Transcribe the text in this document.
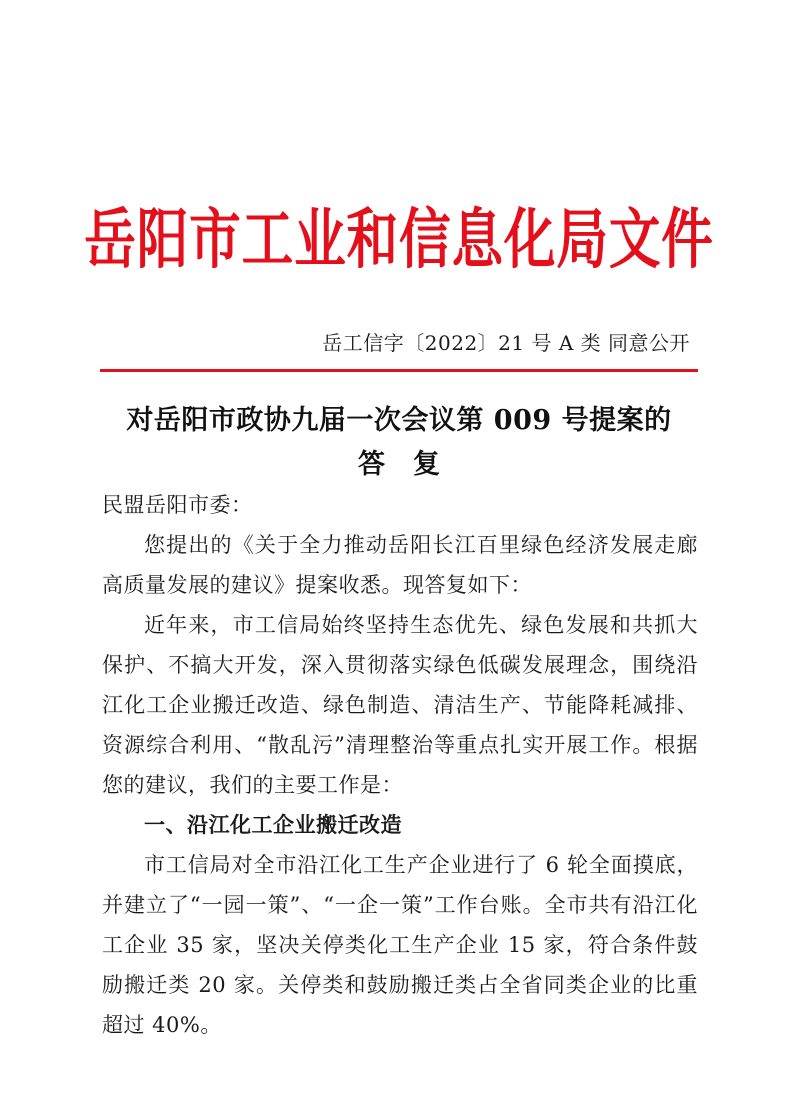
岳阳市工业和信息化局文件
岳工信字〔2022〕21 号 A 类 同意公开
对岳阳市政协九届一次会议第 009 号提案的
答复

民盟岳阳市委：

您提出的《关于全力推动岳阳长江百里绿色经济发展走廊高质量发展的建议》提案收悉。现答复如下：

近年来，市工信局始终坚持生态优先、绿色发展和共抓大保护、不搞大开发，深入贯彻落实绿色低碳发展理念，围绕沿江化工企业搬迁改造、绿色制造、清洁生产、节能降耗减排、资源综合利用、“散乱污”清理整治等重点扎实开展工作。根据您的建议，我们的主要工作是：

一、沿江化工企业搬迁改造

市工信局对全市沿江化工生产企业进行了 6 轮全面摸底，并建立了“一园一策”、“一企一策”工作台账。全市共有沿江化工企业 35 家，坚决关停类化工生产企业 15 家，符合条件鼓励搬迁类 20 家。关停类和鼓励搬迁类占全省同类企业的比重超过 40%。
